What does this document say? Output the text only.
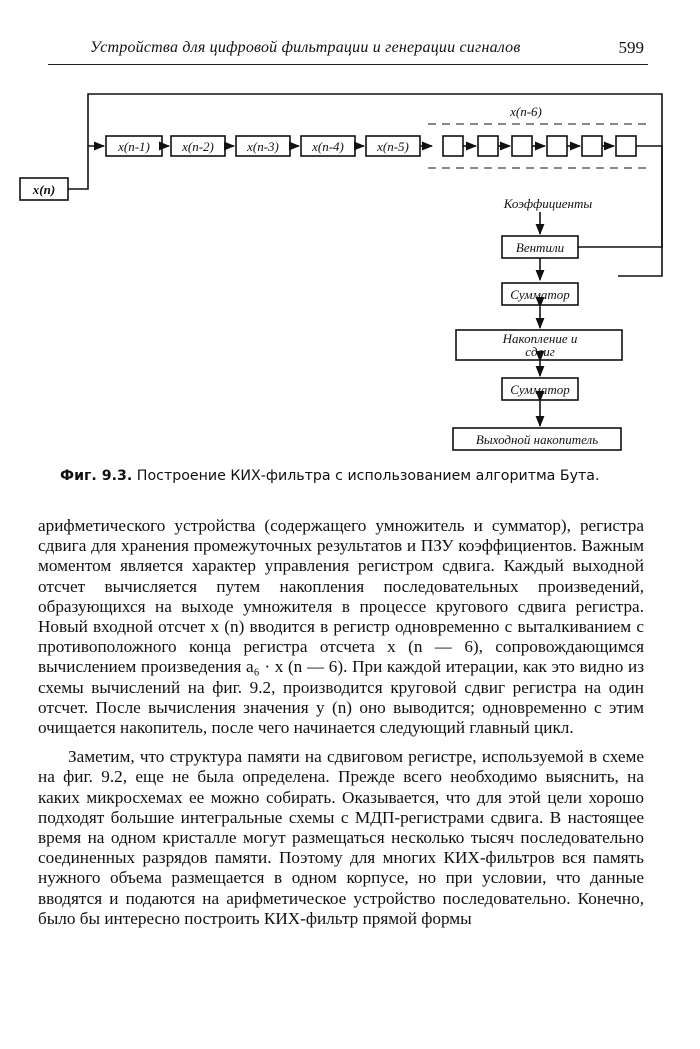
Устройства для цифровой фильтрации и генерации сигналов	599
x(n)
x(n-1) x(n-2)	x(n-3)	x(n-4)	x(n-5)
x(n-6)
Коэффициенты
Вентили
Сумматор
Накопление и
сдвиг
Сумматор
Выходной накопитель
Фиг. 9.3. Построение КИХ-фильтра с использованием алгоритма Бута.

арифметического устройства (содержащего умножитель и сумматор), регистра сдвига для хранения промежуточных результатов и ПЗУ коэффициентов. Важным моментом является характер управления регистром сдвига. Каждый выходной отсчет вычисляется путем накопления последовательных произведений, образующихся на выходе умножителя в процессе кругового сдвига регистра. Новый входной отсчет x (n) вводится в регистр одновременно с выталкиванием с противоположного конца регистра отсчета x (n — 6), сопровождающимся вычислением произведения a₆ · x (n — 6). При каждой итерации, как это видно из схемы вычислений на фиг. 9.2, производится круговой сдвиг регистра на один отсчет. После вычисления значения y (n) оно выводится; одновременно с этим очищается накопитель, после чего начинается следующий главный цикл.

Заметим, что структура памяти на сдвиговом регистре, используемой в схеме на фиг. 9.2, еще не была определена. Прежде всего необходимо выяснить, на каких микросхемах ее можно собирать. Оказывается, что для этой цели хорошо подходят большие интегральные схемы с МДП-регистрами сдвига. В настоящее время на одном кристалле могут размещаться несколько тысяч последовательно соединенных разрядов памяти. Поэтому для многих КИХ-фильтров вся память нужного объема размещается в одном корпусе, но при условии, что данные вводятся и подаются на арифметическое устройство последовательно. Конечно, было бы интересно построить КИХ-фильтр прямой формы
